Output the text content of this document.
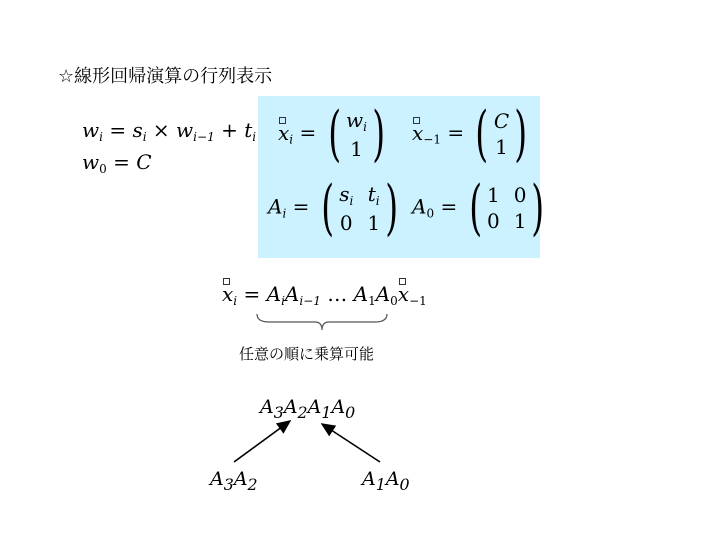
☆線形回帰演算の行列表示
$w_i = s_i \times w_{i-1} + t_i$
$w_0 = C$
$x_i$ = ( $w_i$
1 ) $x_{-1}$ = ( C
1 )
$A_i$ = ( $s_i$ $t_i$
0 1 ) $A_0$ = ( 1 0
0 1 )
$x_i = A_iA_{i-1}$ … $A_1A_0x_{-1}$
任意の順に乗算可能
$A_3A_2A_1A_0$
$A_3A_2$	$A_1A_0$
